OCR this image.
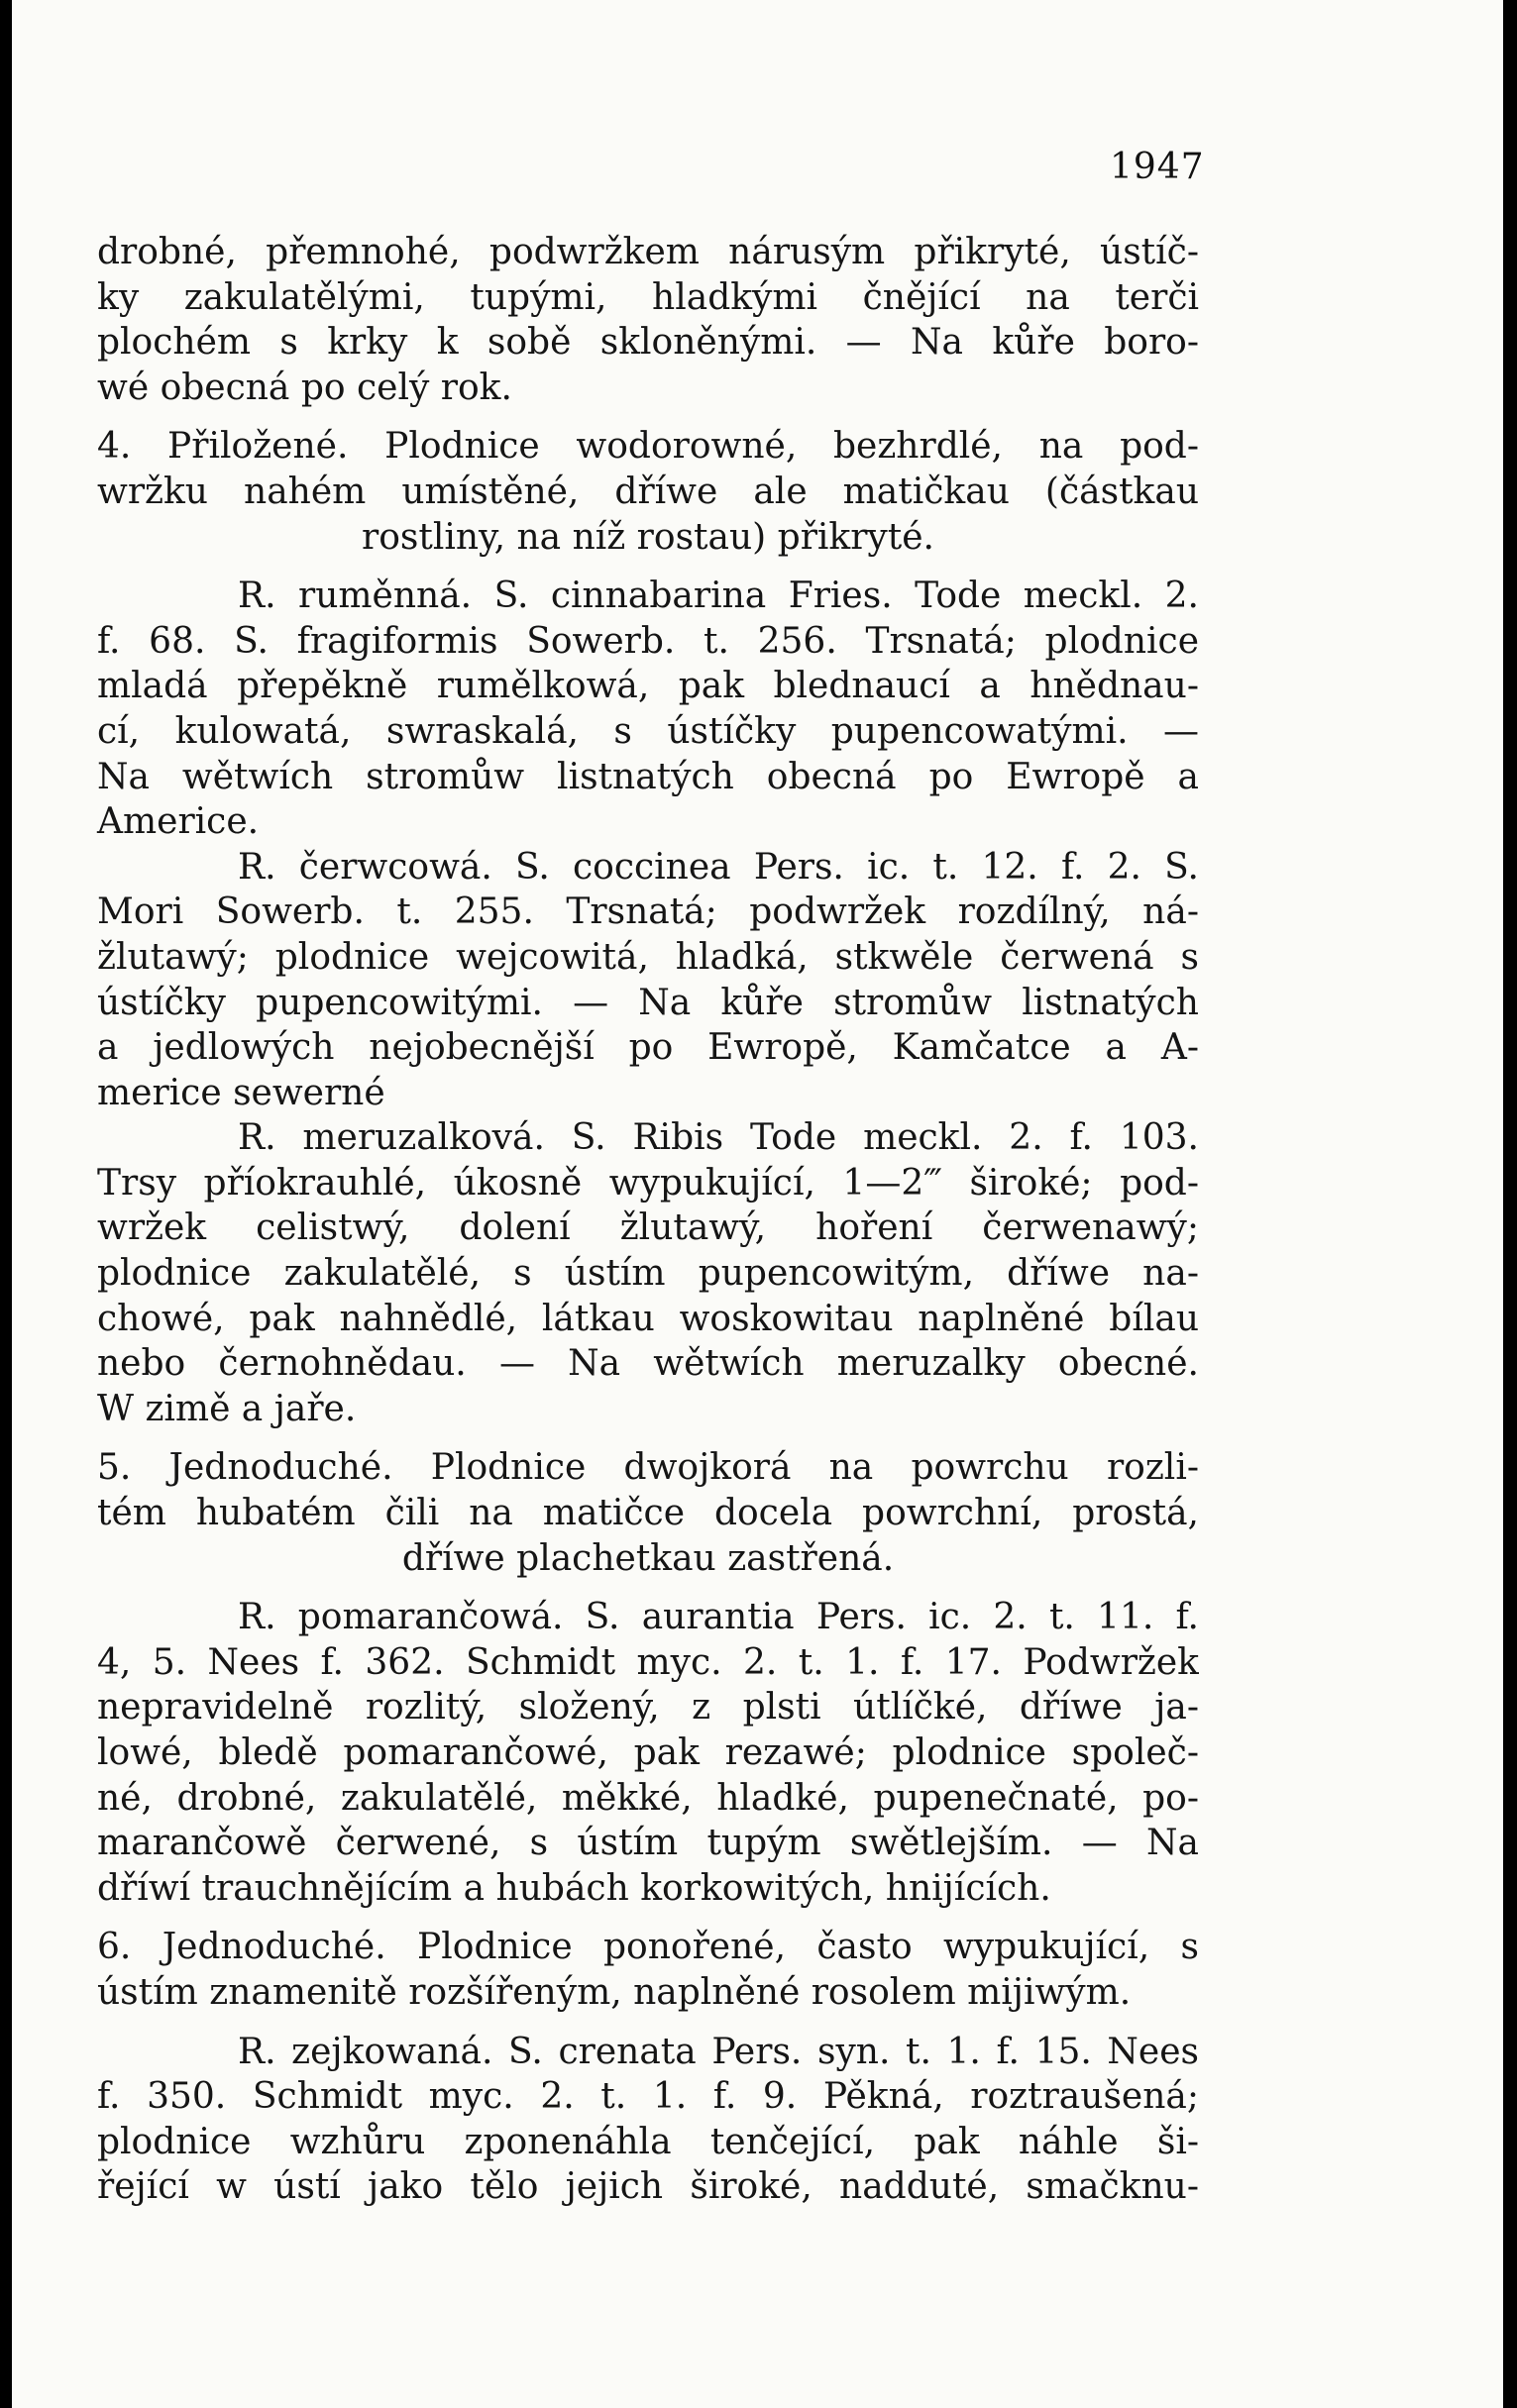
1947
drobné, přemnohé, podwržkem nárusým přikryté, ústíč-
ky zakulatělými, tupými, hladkými čnějící na terči
plochém s krky k sobě skloněnými. — Na kůře boro-
wé obecná po celý rok.
4. Přiložené. Plodnice wodorowné, bezhrdlé, na pod-
wržku nahém umístěné, dříwe ale matičkau (částkau
rostliny, na níž rostau) přikryté.
R. ruměnná. S. cinnabarina Fries. Tode meckl. 2.
f. 68. S. fragiformis Sowerb. t. 256. Trsnatá; plodnice
mladá přepěkně rumělkowá, pak blednaucí a hnědnau-
cí, kulowatá, swraskalá, s ústíčky pupencowatými. —
Na wětwích stromůw listnatých obecná po Ewropě a
Americe.
R. čerwcowá. S. coccinea Pers. ic. t. 12. f. 2. S.
Mori Sowerb. t. 255. Trsnatá; podwržek rozdílný, ná-
žlutawý; plodnice wejcowitá, hladká, stkwěle čerwená s
ústíčky pupencowitými. — Na kůře stromůw listnatých
a jedlowých nejobecnější po Ewropě, Kamčatce a A-
merice sewerné
R. meruzalková. S. Ribis Tode meckl. 2. f. 103.
Trsy příokrauhlé, úkosně wypukující, 1—2‴ široké; pod-
wržek celistwý, dolení žlutawý, hoření čerwenawý;
plodnice zakulatělé, s ústím pupencowitým, dříwe na-
chowé, pak nahnědlé, látkau woskowitau naplněné bílau
nebo černohnědau. — Na wětwích meruzalky obecné.
W zimě a jaře.
5. Jednoduché. Plodnice dwojkorá na powrchu rozli-
tém hubatém čili na matičce docela powrchní, prostá,
dříwe plachetkau zastřená.
R. pomarančowá. S. aurantia Pers. ic. 2. t. 11. f.
4, 5. Nees f. 362. Schmidt myc. 2. t. 1. f. 17. Podwržek
nepravidelně rozlitý, složený, z plsti útlíčké, dříwe ja-
lowé, bledě pomarančowé, pak rezawé; plodnice společ-
né, drobné, zakulatělé, měkké, hladké, pupenečnaté, po-
marančowě čerwené, s ústím tupým swětlejším. — Na
dříwí trauchnějícím a hubách korkowitých, hnijících.
6. Jednoduché. Plodnice ponořené, často wypukující, s
ústím znamenitě rozšířeným, naplněné rosolem mijiwým.
R. zejkowaná. S. crenata Pers. syn. t. 1. f. 15. Nees
f. 350. Schmidt myc. 2. t. 1. f. 9. Pěkná, roztraušená;
plodnice wzhůru zponenáhla tenčející, pak náhle ši-
řející w ústí jako tělo jejich široké, nadduté, smačknu-
